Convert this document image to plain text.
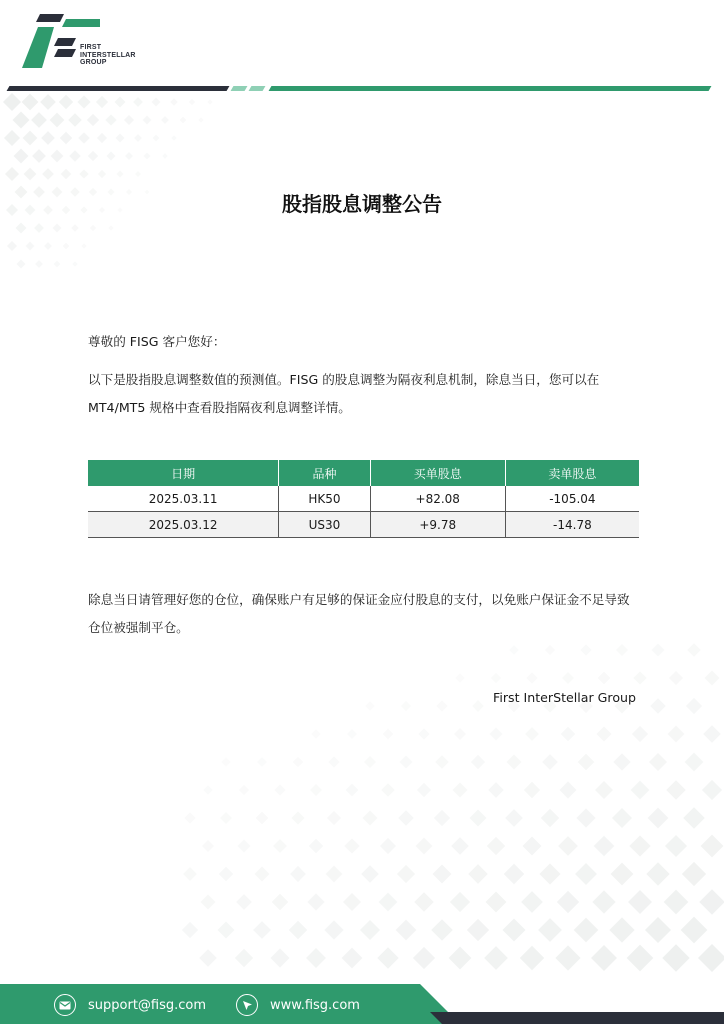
FIRST
INTERSTELLAR
GROUP
股指股息调整公告
尊敬的 FISG 客户您好：
以下是股指股息调整数值的预测值。FISG 的股息调整为隔夜利息机制，除息当日，您可以在 MT4/MT5 规格中查看股指隔夜利息调整详情。
日期	品种	买单股息	卖单股息
2025.03.11	HK50	+82.08	-105.04
2025.03.12	US30	+9.78	-14.78
除息当日请管理好您的仓位，确保账户有足够的保证金应付股息的支付，以免账户保证金不足导致仓位被强制平仓。
First InterStellar Group
support@fisg.com	www.fisg.com
